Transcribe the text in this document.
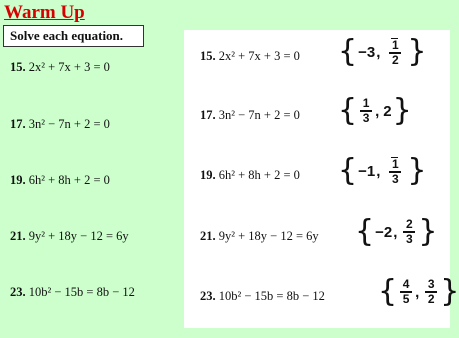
Warm Up
Solve each equation.
15. 2x² + 7x + 3 = 0
17. 3n² − 7n + 2 = 0
19. 6h² + 8h + 2 = 0
21. 9y² + 18y − 12 = 6y
23. 10b² − 15b = 8b − 12
15. 2x² + 7x + 3 = 0 { −3 , $\frac{1}{2}$ }
17. 3n² − 7n + 2 = 0 { $\frac{1}{3}$ , 2 }
19. 6h² + 8h + 2 = 0 { −1 , $\frac{1}{3}$ }
21. 9y² + 18y − 12 = 6y { −2 , $\frac{2}{3}$ }
23. 10b² − 15b = 8b − 12 { $\frac{4}{5}$ , $\frac{3}{2}$ }
